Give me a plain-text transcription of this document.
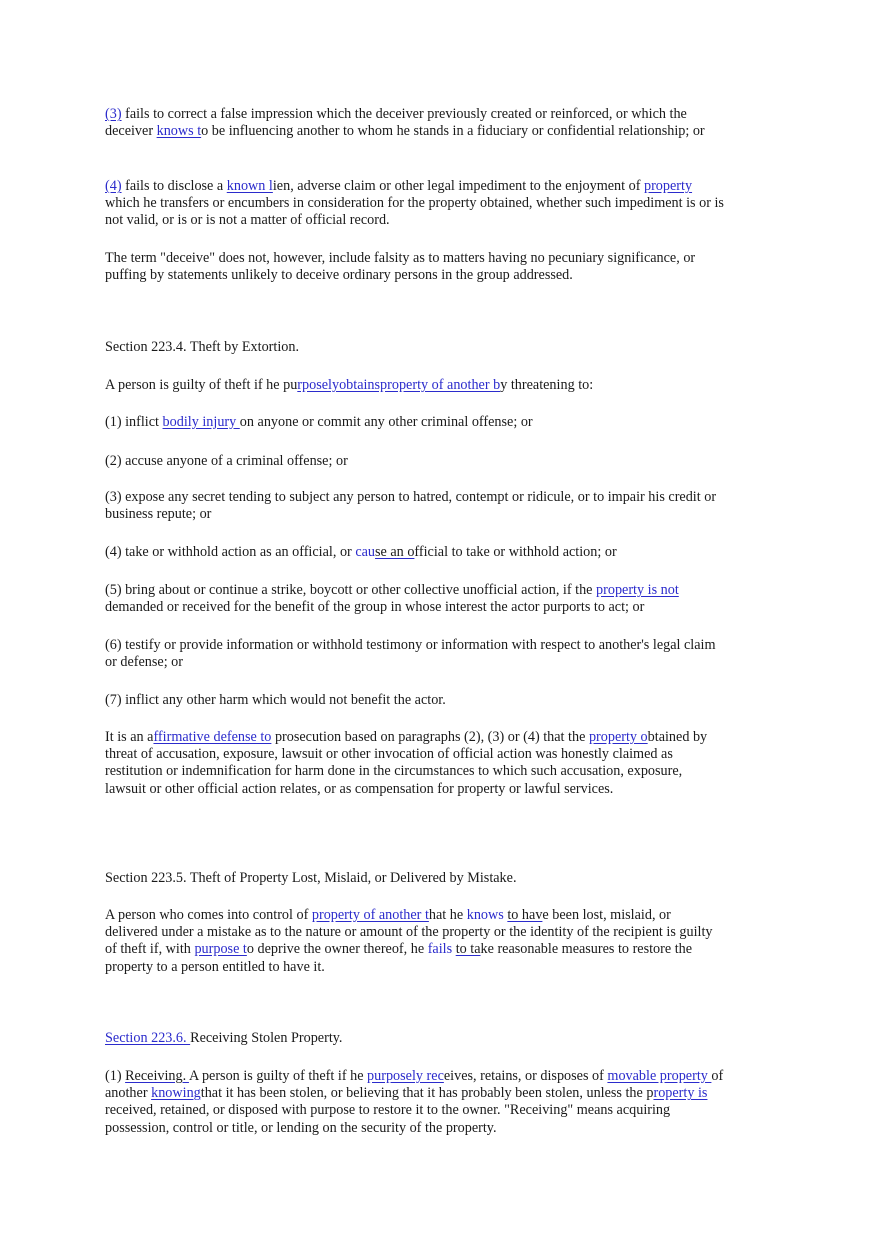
(3) fails to correct a false impression which the deceiver previously created or reinforced, or which the deceiver knows to be influencing another to whom he stands in a fiduciary or confidential relationship; or

(4) fails to disclose a known lien, adverse claim or other legal impediment to the enjoyment of property which he transfers or encumbers in consideration for the property obtained, whether such impediment is or is not valid, or is or is not a matter of official record.

The term "deceive" does not, however, include falsity as to matters having no pecuniary significance, or puffing by statements unlikely to deceive ordinary persons in the group addressed.

Section 223.4. Theft by Extortion.

A person is guilty of theft if he purposelyobtainsproperty of another by threatening to:

(1) inflict bodily injury on anyone or commit any other criminal offense; or

(2) accuse anyone of a criminal offense; or

(3) expose any secret tending to subject any person to hatred, contempt or ridicule, or to impair his credit or business repute; or

(4) take or withhold action as an official, or cause an official to take or withhold action; or

(5) bring about or continue a strike, boycott or other collective unofficial action, if the property is not demanded or received for the benefit of the group in whose interest the actor purports to act; or

(6) testify or provide information or withhold testimony or information with respect to another's legal claim or defense; or

(7) inflict any other harm which would not benefit the actor.

It is an affirmative defense to prosecution based on paragraphs (2), (3) or (4) that the property obtained by threat of accusation, exposure, lawsuit or other invocation of official action was honestly claimed as restitution or indemnification for harm done in the circumstances to which such accusation, exposure, lawsuit or other official action relates, or as compensation for property or lawful services.

Section 223.5. Theft of Property Lost, Mislaid, or Delivered by Mistake.

A person who comes into control of property of another that he knows to have been lost, mislaid, or delivered under a mistake as to the nature or amount of the property or the identity of the recipient is guilty of theft if, with purpose to deprive the owner thereof, he fails to take reasonable measures to restore the property to a person entitled to have it.

Section 223.6. Receiving Stolen Property.

(1) Receiving. A person is guilty of theft if he purposely receives, retains, or disposes of movable property of another knowingthat it has been stolen, or believing that it has probably been stolen, unless the property is received, retained, or disposed with purpose to restore it to the owner. "Receiving" means acquiring possession, control or title, or lending on the security of the property.
